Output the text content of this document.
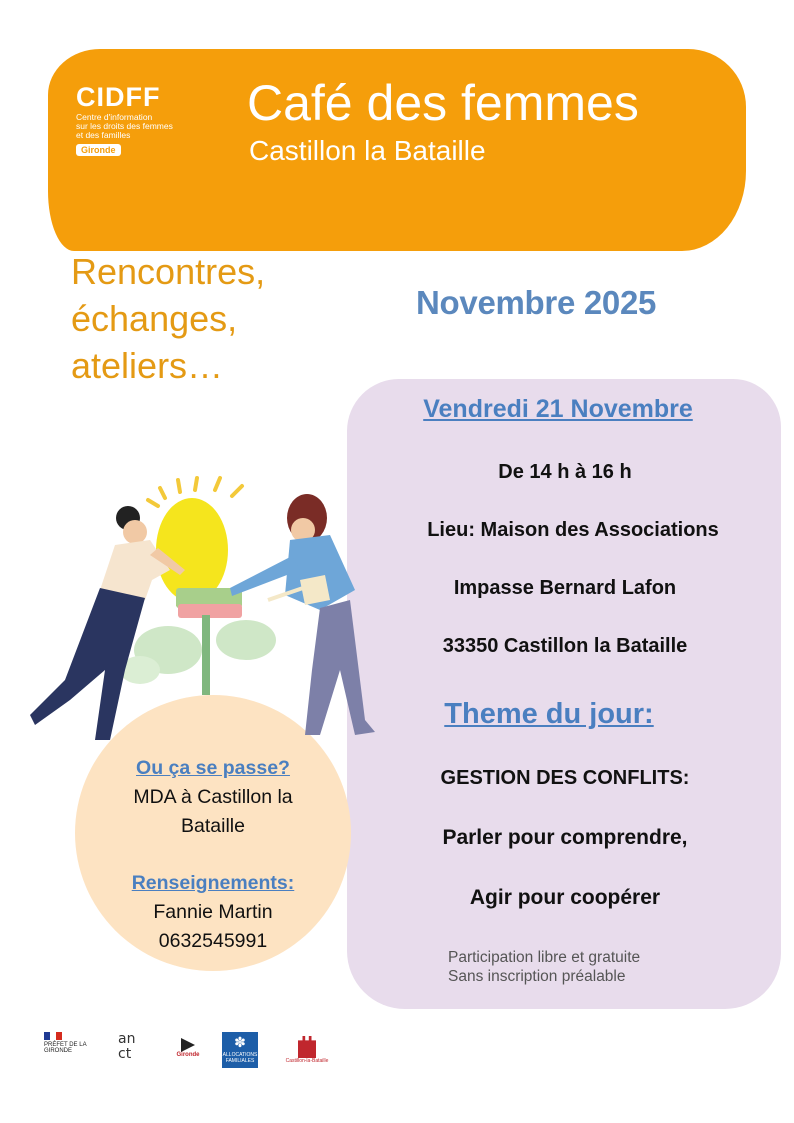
CIDFF
Centre d'information
sur les droits des femmes
et des familles
Gironde
Café des femmes
Castillon la Bataille
Rencontres,
échanges,
ateliers…
Novembre 2025
Vendredi 21 Novembre
De 14 h à 16 h
Lieu: Maison des Associations
Impasse Bernard Lafon
33350 Castillon la Bataille
Theme du jour:
GESTION DES CONFLITS:
Parler pour comprendre,
Agir pour coopérer
Participation libre et gratuite
Sans inscription préalable
Ou ça se passe?
MDA à Castillon la
Bataille
Renseignements:
Fannie Martin
0632545991
PRÉFET DE LA GIRONDE
an ct	Gironde
✽
ALLOCATIONS FAMILIALES	Castillon-la-Bataille
